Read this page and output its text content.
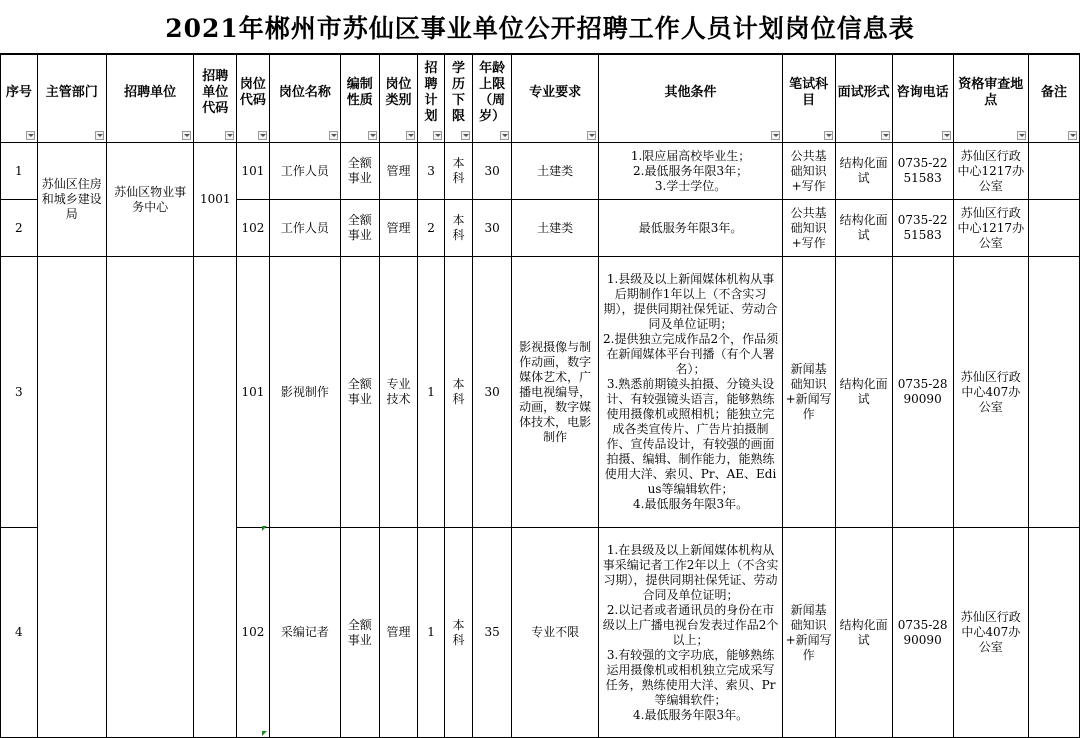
2021年郴州市苏仙区事业单位公开招聘工作人员计划岗位信息表
序号	主管部门	招聘单位	招聘单位代码	岗位代码	岗位名称	编制性质	岗位类别	招聘计划	学历下限	年龄上限（周岁）	专业要求	其他条件	笔试科目	面试形式	咨询电话	资格审查地点	备注

1	苏仙区住房和城乡建设局	苏仙区物业事务中心	1001	101	工作人员	全额事业	管理	3	本科	30	土建类	1.限应届高校毕业生；
2.最低服务年限3年；
3.学士学位。	公共基础知识+写作	结构化面试	0735-2251583	苏仙区行政中心1217办公室	
2				102	工作人员	全额事业	管理	2	本科	30	土建类	最低服务年限3年。	公共基础知识+写作	结构化面试	0735-2251583	苏仙区行政中心1217办公室	
3				101	影视制作	全额事业	专业技术	1	本科	30	影视摄像与制作动画，数字媒体艺术，广播电视编导，动画，数字媒体技术，电影制作	1.县级及以上新闻媒体机构从事后期制作1年以上（不含实习期），提供同期社保凭证、劳动合同及单位证明；
2.提供独立完成作品2个，作品须在新闻媒体平台刊播（有个人署名）；
3.熟悉前期镜头拍摄、分镜头设计、有较强镜头语言，能够熟练使用摄像机或照相机；能独立完成各类宣传片、广告片拍摄制作、宣传品设计，有较强的画面拍摄、编辑、制作能力，能熟练使用大洋、索贝、Pr、AE、Edius等编辑软件；
4.最低服务年限3年。	新闻基础知识+新闻写作	结构化面试	0735-2890090	苏仙区行政中心407办公室	
4				102	采编记者	全额事业	管理	1	本科	35	专业不限	1.在县级及以上新闻媒体机构从事采编记者工作2年以上（不含实习期），提供同期社保凭证、劳动合同及单位证明；
2.以记者或者通讯员的身份在市级以上广播电视台发表过作品2个以上；
3.有较强的文字功底，能够熟练运用摄像机或相机独立完成采写任务，熟练使用大洋、索贝、Pr等编辑软件；
4.最低服务年限3年。	新闻基础知识+新闻写作	结构化面试	0735-2890090	苏仙区行政中心407办公室	
